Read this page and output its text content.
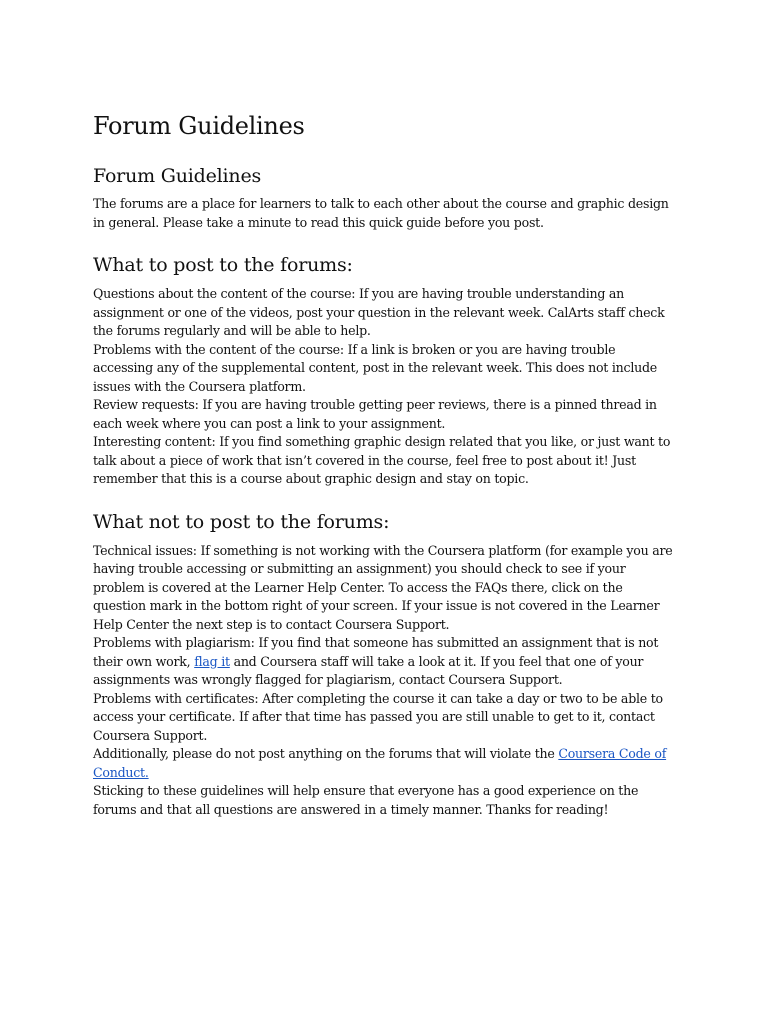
Forum Guidelines
Forum Guidelines

The forums are a place for learners to talk to each other about the course and graphic design in general. Please take a minute to read this quick guide before you post.

What to post to the forums:

Questions about the content of the course: If you are having trouble understanding an assignment or one of the videos, post your question in the relevant week. CalArts staff check the forums regularly and will be able to help.

Problems with the content of the course: If a link is broken or you are having trouble accessing any of the supplemental content, post in the relevant week. This does not include issues with the Coursera platform.

Review requests: If you are having trouble getting peer reviews, there is a pinned thread in each week where you can post a link to your assignment.

Interesting content: If you find something graphic design related that you like, or just want to talk about a piece of work that isn’t covered in the course, feel free to post about it! Just remember that this is a course about graphic design and stay on topic.

What not to post to the forums:

Technical issues: If something is not working with the Coursera platform (for example you are having trouble accessing or submitting an assignment) you should check to see if your problem is covered at the Learner Help Center. To access the FAQs there, click on the question mark in the bottom right of your screen. If your issue is not covered in the Learner Help Center the next step is to contact Coursera Support.

Problems with plagiarism: If you find that someone has submitted an assignment that is not their own work, flag it and Coursera staff will take a look at it. If you feel that one of your assignments was wrongly flagged for plagiarism, contact Coursera Support.

Problems with certificates: After completing the course it can take a day or two to be able to access your certificate. If after that time has passed you are still unable to get to it, contact Coursera Support.

Additionally, please do not post anything on the forums that will violate the Coursera Code of Conduct.

Sticking to these guidelines will help ensure that everyone has a good experience on the forums and that all questions are answered in a timely manner. Thanks for reading!
